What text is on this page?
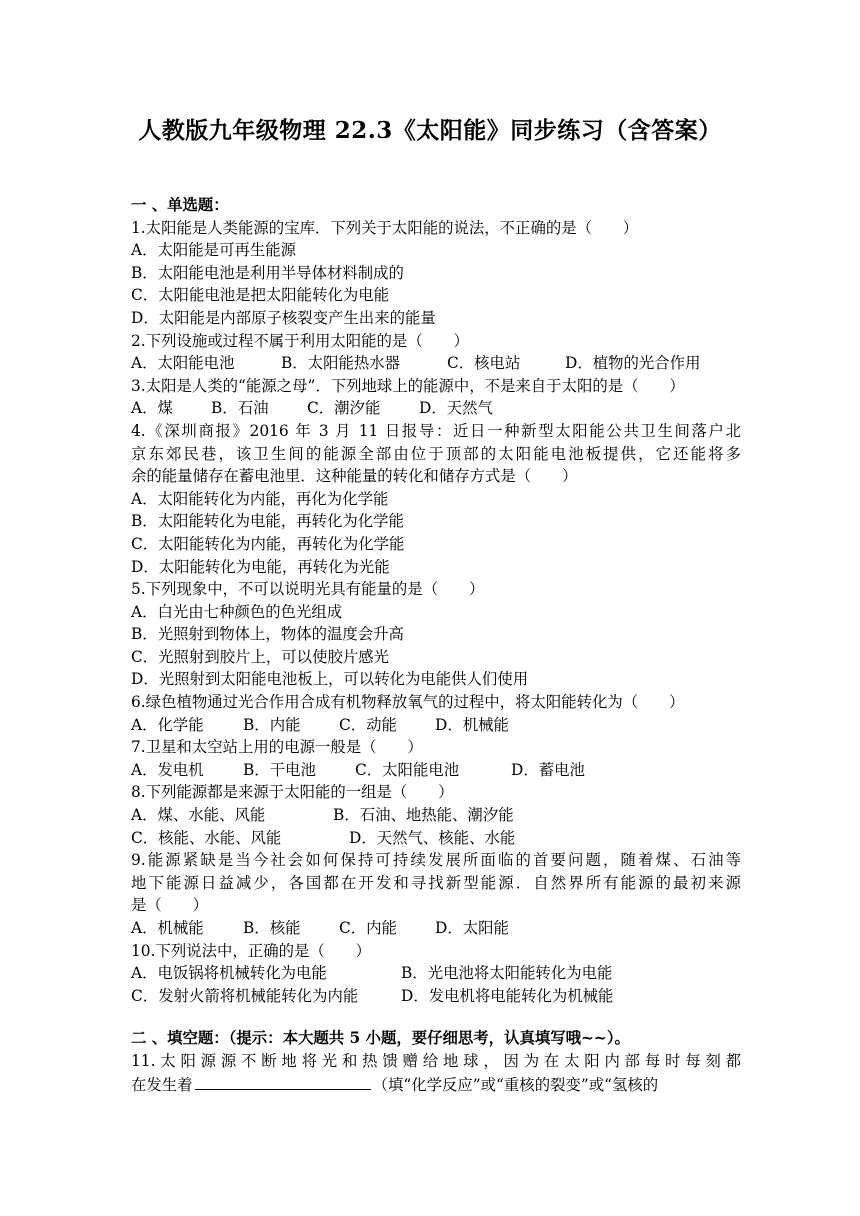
人教版九年级物理 22.3《太阳能》同步练习（含答案）
一 、单选题：
1.太阳能是人类能源的宝库．下列关于太阳能的说法，不正确的是（　　）
A．太阳能是可再生能源
B．太阳能电池是利用半导体材料制成的
C．太阳能电池是把太阳能转化为电能
D．太阳能是内部原子核裂变产生出来的能量
2.下列设施或过程不属于利用太阳能的是（　　）
A．太阳能电池	B．太阳能热水器	C．核电站	D．植物的光合作用
3.太阳是人类的“能源之母”．下列地球上的能源中，不是来自于太阳的是（　　）
A．煤 B．石油	C．潮汐能	D．天然气
4.《深圳商报》2016 年 3 月 11 日报导：近日一种新型太阳能公共卫生间落户北
京东郊民巷，该卫生间的能源全部由位于顶部的太阳能电池板提供，它还能将多
余的能量储存在蓄电池里．这种能量的转化和储存方式是（　　）
A．太阳能转化为内能，再化为化学能
B．太阳能转化为电能，再转化为化学能
C．太阳能转化为内能，再转化为化学能
D．太阳能转化为电能，再转化为光能
5.下列现象中，不可以说明光具有能量的是（　　）
A．白光由七种颜色的色光组成
B．光照射到物体上，物体的温度会升高
C．光照射到胶片上，可以使胶片感光
D．光照射到太阳能电池板上，可以转化为电能供人们使用
6.绿色植物通过光合作用合成有机物释放氧气的过程中，将太阳能转化为（　　）
A．化学能	B．内能	C．动能 D．机械能
7.卫星和太空站上用的电源一般是（　　）
A．发电机	B．干电池	C．太阳能电池	D．蓄电池
8.下列能源都是来源于太阳能的一组是（　　）
A．煤、水能、风能	B．石油、地热能、潮汐能
C．核能、水能、风能	D．天然气、核能、水能
9.能源紧缺是当今社会如何保持可持续发展所面临的首要问题，随着煤、石油等
地下能源日益减少，各国都在开发和寻找新型能源．自然界所有能源的最初来源
是（　　）
A．机械能	B．核能	C．内能 D．太阳能
10.下列说法中，正确的是（　　）
A．电饭锅将机械转化为电能	B．光电池将太阳能转化为电能
C．发射火箭将机械能转化为内能	D．发电机将电能转化为机械能
二 、填空题：（提示：本大题共 5 小题，要仔细思考，认真填写哦~~）。
11.太阳源源不断地将光和热馈赠给地球，因为在太阳内部每时每刻都
在发生着	（填“化学反应”或“重核的裂变”或“氢核的
